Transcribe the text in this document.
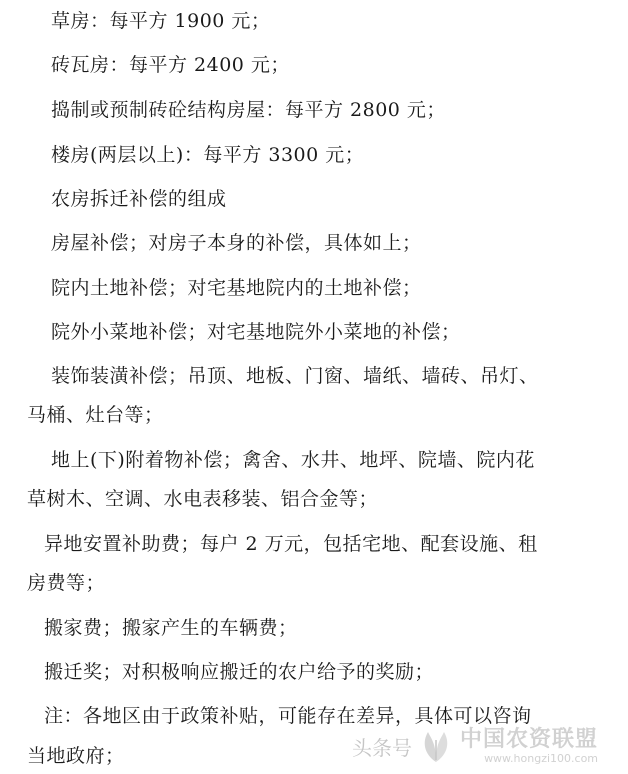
草房：每平方 1900 元；
砖瓦房：每平方 2400 元；
捣制或预制砖砼结构房屋：每平方 2800 元；
楼房(两层以上)：每平方 3300 元；
农房拆迁补偿的组成
房屋补偿；对房子本身的补偿，具体如上；
院内土地补偿；对宅基地院内的土地补偿；
院外小菜地补偿；对宅基地院外小菜地的补偿；
装饰装潢补偿；吊顶、地板、门窗、墙纸、墙砖、吊灯、
马桶、灶台等；
地上(下)附着物补偿；禽舍、水井、地坪、院墙、院内花
草树木、空调、水电表移装、铝合金等；
异地安置补助费；每户 2 万元，包括宅地、配套设施、租
房费等；
搬家费；搬家产生的车辆费；
搬迁奖；对积极响应搬迁的农户给予的奖励；
注：各地区由于政策补贴，可能存在差异，具体可以咨询
当地政府；	头条号 中国农资联盟
www.hongzi100.com
